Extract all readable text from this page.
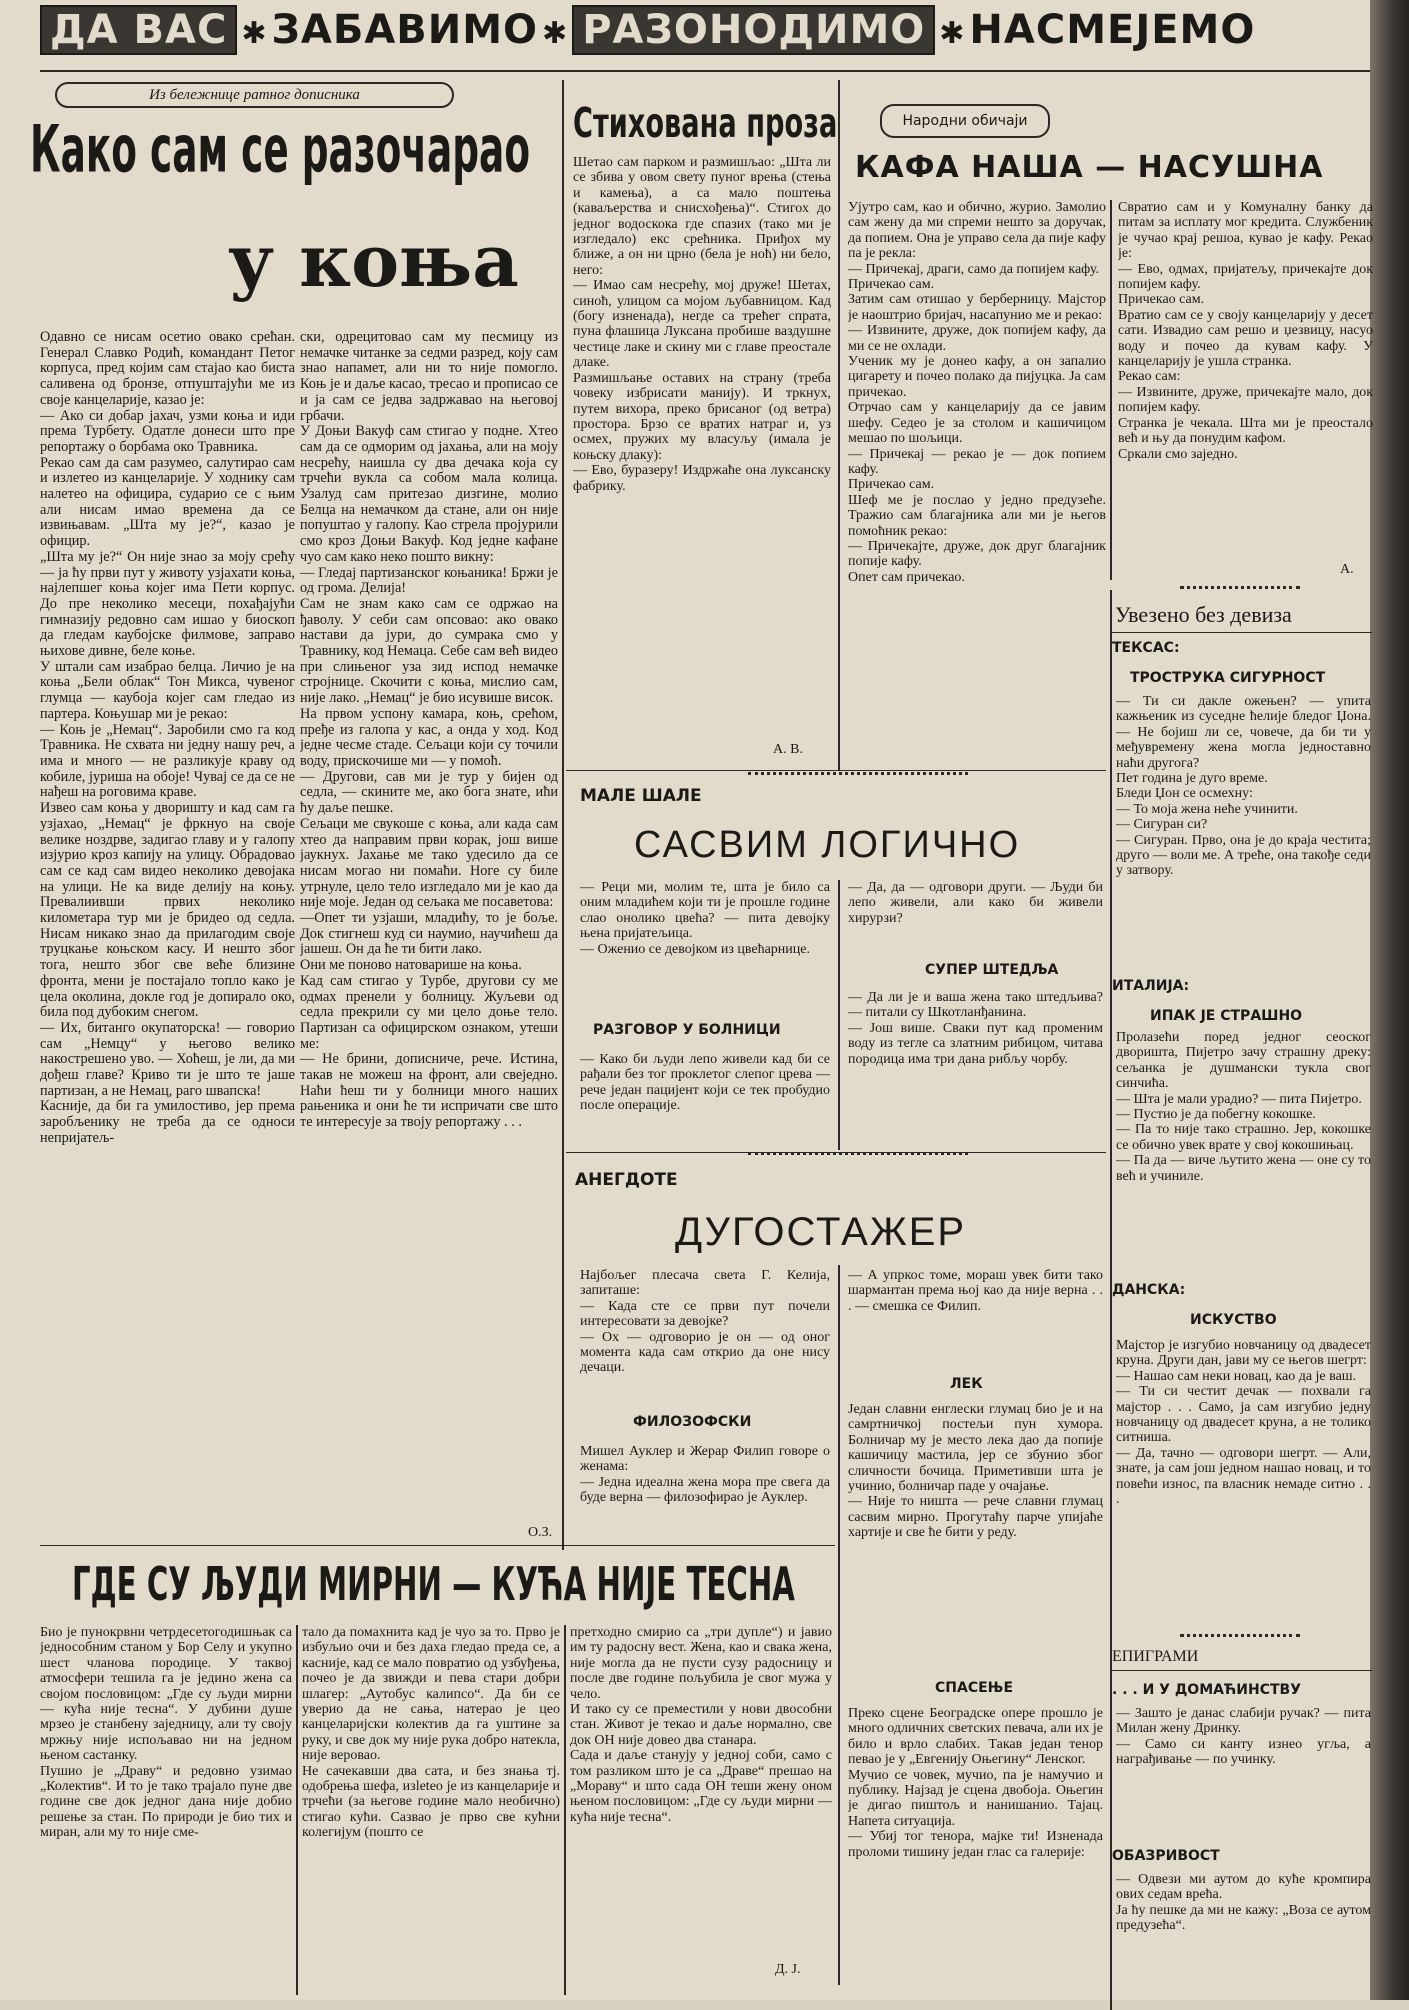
ДА ВАС ✱ ЗАБАВИМО ✱ РАЗОНОДИМО ✱ НАСМЕЈЕМО
Из бележнице ратног дописника
Како сам се разочарао
у коња

Одавно се нисам осетио овако срећан. Генерал Славко Родић, командант Петог корпуса, пред којим сам стајао као биста саливена од бронзе, отпуштајући ме из своје канцеларије, казао је:
— Ако си добар јахач, узми коња и иди према Турбету. Одатле донеси што пре репортажу о борбама око Травника.
Рекао сам да сам разумео, салутирао сам и излетео из канцеларије. У ходнику сам налетео на официра, сударио се с њим али нисам имао времена да се извињавам. „Шта му је?“, казао је официр.
„Шта му је?“ Он није знао за моју срећу — ја ћу први пут у животу узјахати коња, најлепшег коња којег има Пети корпус. До пре неколико месеци, похађајући гимназију редовно сам ишао у биоскоп да гледам каубојске филмове, заправо њихове дивне, беле коње.
У штали сам изабрао белца. Личио је на коња „Бели облак“ Тон Микса, чувеног глумца — каубоја којег сам гледао из партера. Коњушар ми је рекао:
— Коњ је „Немац“. Заробили смо га код Травника. Не схвата ни једну нашу реч, а има и много — не разликује краву од кобиле, јуриша на обоје! Чувај се да се не нађеш на роговима краве.
Извео сам коња у дворишту и кад сам га узјахао, „Немац“ је фркнуо на своје велике ноздрве, задигао главу и у галопу изјурио кроз капију на улицу. Обрадовао сам се кад сам видео неколико девојака на улици. Не ка виде делију на коњу. Превалиивши првих неколико километара тур ми је бридео од седла. Нисам никако знао да прилагодим своје труцкање коњском касу. И нешто због тога, нешто због све веће близине фронта, мени је постајало топло како је цела околина, докле год је допирало око, била под дубоким снегом.
— Их, битанго окупаторска! — говорио сам „Немцу“ у његово велико накострешено уво. — Хоћеш, је ли, да ми дођеш главе? Криво ти је што те јаше партизан, а не Немац, раго швапска!
Касније, да би га умилостиво, јер према заробљенику не треба да се односи непријатељ-

ски, одрецитовао сам му песмицу из немачке читанке за седми разред, коју сам знао напамет, али ни то није помогло. Коњ је и даље касао, тресао и прописао се и ја сам се једва задржавао на његовој грбачи.
У Доњи Вакуф сам стигао у подне. Хтео сам да се одморим од јахања, али на моју несрећу, наишла су два дечака која су трчећи вукла са собом мала колица. Узалуд сам притезао дизгине, молио Белца на немачком да стане, али он није попуштао у галопу. Као стрела пројурили смо кроз Доњи Вакуф. Код једне кафане чуо сам како неко пошто викну:
— Гледај партизанског коњаника! Бржи је од грома. Делија!
Сам не знам како сам се одржао на ђаволу. У себи сам опсовао: ако овако настави да јури, до сумрака смо у Травнику, код Немаца. Себе сам већ видео при слињеног уза зид испод немачке стројнице. Скочити с коња, мислио сам, није лако. „Немац“ је био исувише висок.
На првом успону камара, коњ, срећом, пређе из галопа у кас, а онда у ход. Код једне чесме стаде. Сељаци који су точили воду, прискочише ми — у помоћ.
— Другови, сав ми је тур у бијен од седла, — скините ме, ако бога знате, ићи ћу даље пешке.
Сељаци ме свукоше с коња, али када сам хтео да направим први корак, још више јаукнух. Јахање ме тако удесило да се нисам могао ни помаћи. Ноге су биле утрнуле, цело тело изгледало ми је као да није моје. Један од сељака ме посаветова:
—Опет ти узјаши, младићу, то је боље. Док стигнеш куд си наумио, научићеш да јашеш. Он да ће ти бити лако.
Они ме поново натоварише на коња.
Кад сам стигао у Турбе, другови су ме одмах пренели у болницу. Жуљеви од седла прекрили су ми цело доње тело. Партизан са официрском ознаком, утеши ме:
— Не брини, дописниче, рече. Истина, такав не можеш на фронт, али свеједно. Наћи ћеш ти у болници много наших рањеника и они ће ти испричати све што те интересује за твоју репортажу . . .

О.З.
Стихована проза

Шетао сам парком и размишљао: „Шта ли се збива у овом свету пуног врења (стења и камења), а са мало поштења (каваљерства и снисхођења)“. Стигох до једног водоскока где спазих (тако ми је изгледало) екс срећника. Приђох му ближе, а он ни црно (бела је ноћ) ни бело, него:
— Имао сам несрећу, мој друже! Шетах, синоћ, улицом са мојом љубавницом. Кад (богу изненада), негде са трећег спрата, пуна флашица Луксана пробише ваздушне честице лаке и скину ми с главе преостале длаке.
Размишљање оставих на страну (треба човеку избрисати манију). И тркнух, путем вихора, преко брисаног (од ветра) простора. Брзо се вратих натраг и, уз осмех, пружих му власуљу (имала је коњску длаку):
— Ево, буразеру! Издржаће она луксанску фабрику.

А. В.
Народни обичаји
КАФА НАША — НАСУШНА

Ујутро сам, као и обично, журио. Замолио сам жену да ми спреми нешто за доручак, да попием. Она је управо села да пије кафу па је рекла:
— Причекај, драги, само да попијем кафу.
Причекао сам.
Затим сам отишао у берберницу. Мајстор је наоштрио бријач, насапунио ме и рекао:
— Извините, друже, док попијем кафу, да ми се не охлади.
Ученик му је донео кафу, а он запалио цигарету и почео полако да пијуцка. Ја сам причекао.
Отрчао сам у канцеларију да се јавим шефу. Седео је за столом и кашичицом мешао по шољици.
— Причекај — рекао је — док попием кафу.
Причекао сам.
Шеф ме је послао у једно предузеће. Тражио сам благајника али ми је његов помоћник рекао:
— Причекајте, друже, док друг благајник попије кафу.
Опет сам причекао.

Свратио сам и у Комуналну банку да питам за исплату мог кредита. Службеник је чучао крај решоа, кувао је кафу. Рекао је:
— Ево, одмах, пријатељу, причекајте док попијем кафу.
Причекао сам.
Вратио сам се у своју канцеларију у десет сати. Извадио сам решо и џезвицу, насуо воду и почео да кувам кафу. У канцеларију је ушла странка.
Рекао сам:
— Извините, друже, причекајте мало, док попијем кафу.
Странка је чекала. Шта ми је преостало већ и њу да понудим кафом.
Сркали смо заједно.

А.
Увезено без девиза
ТЕКСАС:
ТРОСТРУКА СИГУРНОСТ

— Ти си дакле ожењен? — упита кажњеник из суседне ћелије бледог Џона. — Не бојиш ли се, човече, да би ти у међувремену жена могла једноставно наћи другога?
Пет година је дуго време.
Бледи Џон се осмехну:
— То моја жена неће учинити.
— Сигуран си?
— Сигуран. Прво, она је до краја честита; друго — воли ме. А треће, она такође седи у затвору.

ИТАЛИЈА:
ИПАК ЈЕ СТРАШНО

Пролазећи поред једног сеоског дворишта, Пиjетро зачу страшну дреку: сељанка је душмански тукла свог синчића.
— Шта је мали урадио? — пита Пиjетро.
— Пустио је да побегну кокошке.
— Па то није тако страшно. Јер, кокошке се обично увек врате у свој кокошињац.
— Па да — виче љутито жена — оне су то већ и учиниле.

ДАНСКА:
ИСКУСТВО

Мајстор је изгубио новчаницу од двадесет круна. Други дан, јави му се његов шегрт:
— Нашао сам неки новац, као да је ваш.
— Ти си честит дечак — похвали га мајстор . . . Само, ја сам изгубио једну новчаницу од двадесет круна, а не толико ситниша.
— Да, тачно — одговори шегрт. — Али, знате, ја сам још једном нашао новац, и то повећи износ, па власник немаде ситно . . .

ЕПИГРАМИ
. . . И У ДОМАЋИНСТВУ

— Зашто је данас слабији ручак? — пита Милан жену Дринку.
— Само си канту изнео угља, а награђивање — по учинку.

ОБАЗРИВОСТ

— Одвези ми аутом до куће кромпира ових седам врећа.
Ја ћу пешке да ми не кажу: „Воза се аутом предузећа“.

МАЛЕ ШАЛЕ
САСВИМ ЛОГИЧНО

— Реци ми, молим те, шта је било са оним младићем који ти је прошле године слао онолико цвећа? — пита девојку њена пријатељица.
— Оженио се девојком из цвећарнице.

РАЗГОВОР У БОЛНИЦИ

— Како би људи лепо живели кад би се рађали без тог проклетог слепог црева — рече један пацијент који се тек пробудио после операције.

— Да, да — одговори други. — Људи би лепо живели, али како би живели хирурзи?

СУПЕР ШТЕДЉА

— Да ли је и ваша жена тако штедљива? — питали су Шкотланђанина.
— Још више. Сваки пут кад променим воду из тегле са златним рибицом, читава породица има три дана рибљу чорбу.

АНЕГДОТЕ
ДУГОСТАЖЕР

Најбољег плесача света Г. Келија, запиташе:
— Када сте се први пут почели интересовати за девојке?
— Ох — одговорио је он — од оног момента када сам открио да оне нису дечаци.

ФИЛОЗОФСКИ

Мишел Ауклер и Жерар Филип говоре о женама:
— Једна идеална жена мора пре свега да буде верна — филозофирао је Ауклер.

— А упркос томе, мораш увек бити тако шармантан према њој као да није верна . . . — смешка се Филип.

ЛЕК

Један славни енглески глумац био је и на самртничкој постељи пун хумора. Болничар му је место лека дао да попије кашичицу мастила, јер се збунио због сличности бочица. Приметивши шта је учинио, болничар паде у очајање.
— Није то ништа — рече славни глумац сасвим мирно. Прогутаћу парче упијаће хартије и све ће бити у реду.

СПАСЕЊЕ

Преко сцене Београдске опере прошло је много одличних светских певача, али их је било и врло слабих. Такав један тенор певао је у „Евгенију Оњегину“ Ленског.
Мучио се човек, мучио, па је намучио и публику. Најзад је сцена двобоја. Оњегин је дигао пиштољ и нанишанио. Тајац. Напета ситуација.
— Убиј тог тенора, мајке ти! Изненада проломи тишину један глас са галерије:

ГДЕ СУ ЉУДИ МИРНИ — КУЋА НИЈЕ ТЕСНА

Био је пунокрвни четрдесетогодишњак са једнособним станом у Бор Селу и укупно шест чланова породице. У таквој атмосфери тешила га је једино жена са својом пословицом: „Где су људи мирни — кућа није тесна“. У дубини душе мрзео је станбену заједницу, али ту своју мржњу није испољавао ни на једном њеном састанку.
Пушио је „Драву“ и редовно узимао „Колектив“. И то је тако трајало пуне две године све док једног дана није добио решење за стан. По природи је био тих и миран, али му то није сме-

тало да помахнита кад је чуо за то. Прво је избуљио очи и без даха гледао преда се, а касније, кад се мало повратио од узбуђења, почео је да звижди и пева стари добри шлагер: „Аутобус калипсо“. Да би се уверио да не сања, натерао је цео канцеларијски колектив да га уштине за руку, и све док му није рука добро натекла, није веровао.
Не сачекавши два сата, и без знања тј. одобрења шефа, изletео је из канцеларије и трчећи (за његове године мало необично) стигао кући. Сазвао је прво све кућни колегијум (пошто се

претходно смирио са „три дупле“) и јавио им ту радосну вест. Жена, као и свака жена, није могла да не пусти сузу радосницу и после две године пољубила је свог мужа у чело.
И тако су се преместили у нови двособни стан. Живот је текао и даље нормално, све док ОН није довео два станара.
Сада и даље станују у једној соби, само с том разликом што је са „Драве“ прешао на „Мораву“ и што сада ОН теши жену оном њеном пословицом: „Где су људи мирни — кућа није тесна“.

Д. Ј.
